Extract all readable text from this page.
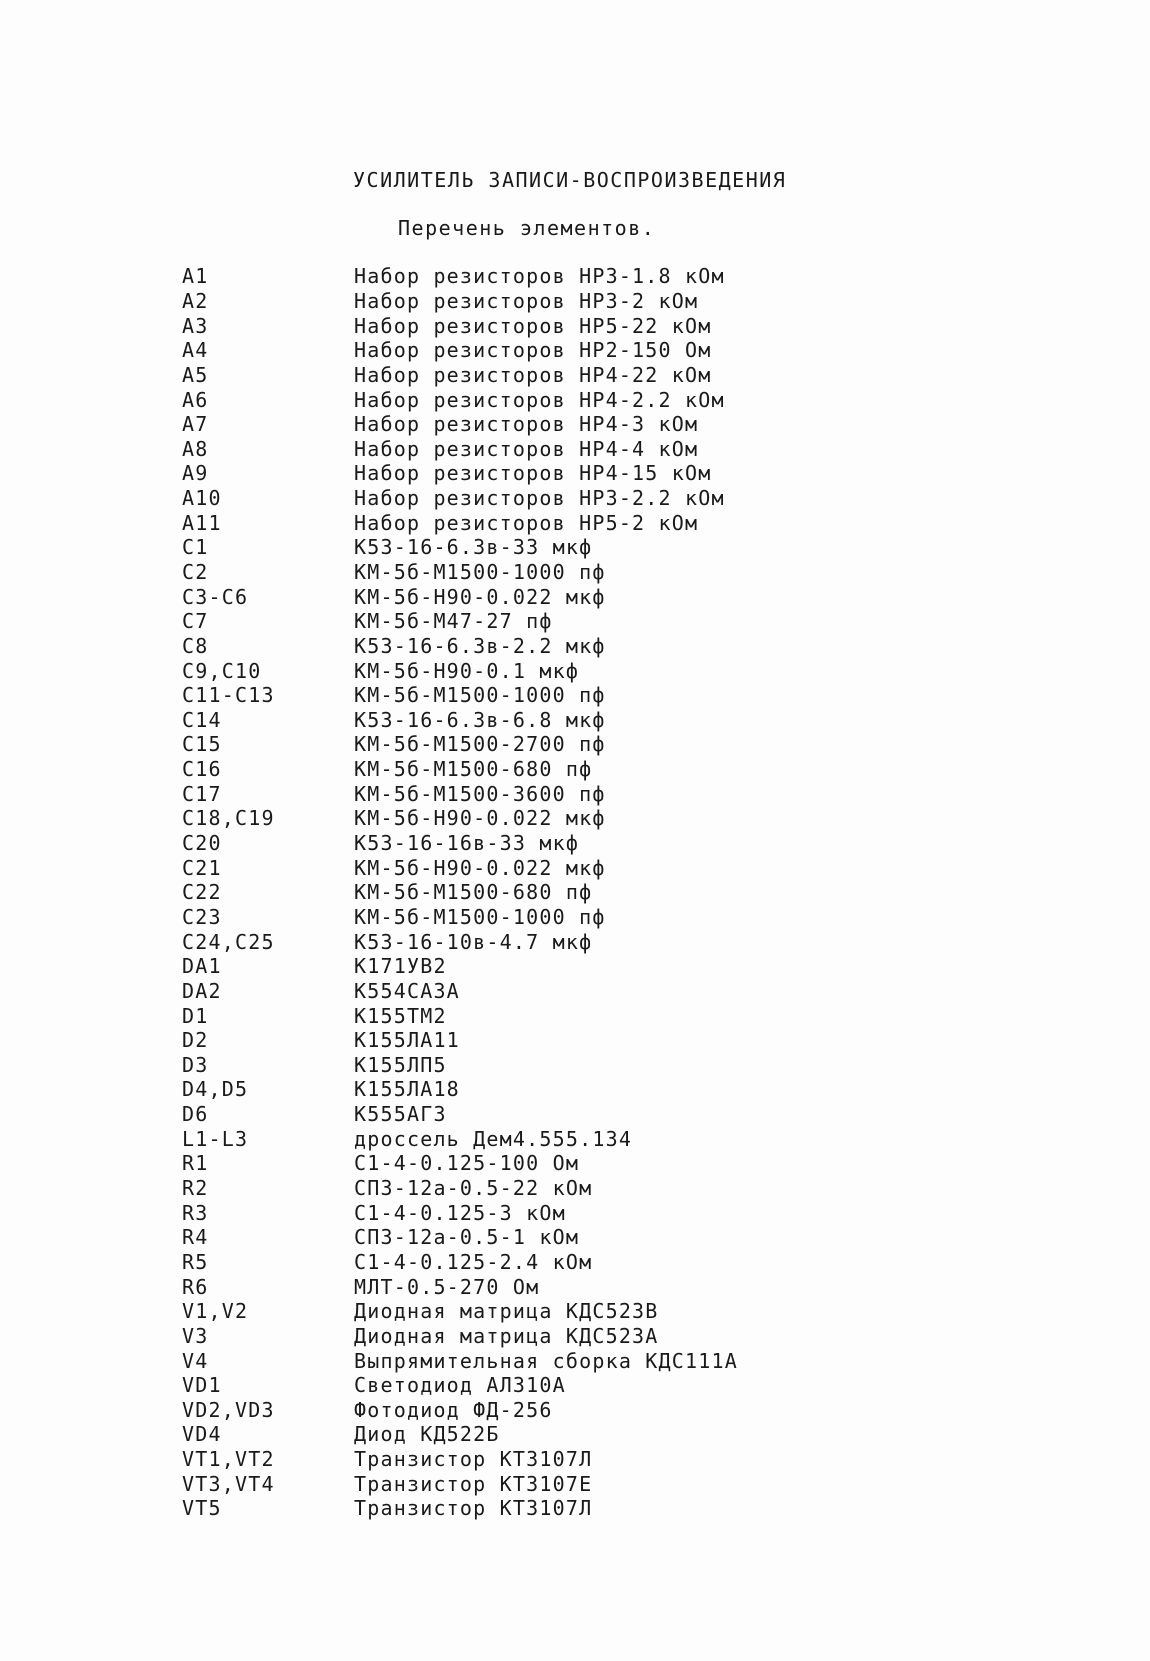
УСИЛИТЕЛЬ ЗАПИСИ-ВОСПРОИЗВЕДЕНИЯ
Перечень элементов.
A1	Набор резисторов НР3-1.8 кОм
A2	Набор резисторов НР3-2 кОм
A3	Набор резисторов НР5-22 кОм
A4	Набор резисторов НР2-150 Ом
A5	Набор резисторов НР4-22 кОм
A6	Набор резисторов НР4-2.2 кОм
A7	Набор резисторов НР4-3 кОм
A8	Набор резисторов НР4-4 кОм
A9	Набор резисторов НР4-15 кОм
A10	Набор резисторов НР3-2.2 кОм
A11	Набор резисторов НР5-2 кОм
C1	К53-16-6.3в-33 мкф
C2	КМ-5б-М1500-1000 пф
C3-C6	КМ-5б-Н90-0.022 мкф
C7	КМ-5б-М47-27 пф
C8	К53-16-6.3в-2.2 мкф
C9,C10	КМ-5б-Н90-0.1 мкф
C11-C13	КМ-5б-М1500-1000 пф
C14	К53-16-6.3в-6.8 мкф
C15	КМ-5б-М1500-2700 пф
C16	КМ-5б-М1500-680 пф
C17	КМ-5б-М1500-3600 пф
C18,C19	КМ-5б-Н90-0.022 мкф
C20	К53-16-16в-33 мкф
C21	КМ-5б-Н90-0.022 мкф
C22	КМ-5б-М1500-680 пф
C23	КМ-5б-М1500-1000 пф
C24,C25	К53-16-10в-4.7 мкф
DA1	К171УВ2
DA2	К554СА3А
D1	К155ТМ2
D2	К155ЛА11
D3	К155ЛП5
D4,D5	К155ЛА18
D6	К555АГ3
L1-L3	дроссель Дем4.555.134
R1	С1-4-0.125-100 Ом
R2	СП3-12а-0.5-22 кОм
R3	С1-4-0.125-3 кОм
R4	СП3-12а-0.5-1 кОм
R5	С1-4-0.125-2.4 кОм
R6	МЛТ-0.5-270 Ом
V1,V2	Диодная матрица КДС523В
V3	Диодная матрица КДС523А
V4	Выпрямительная сборка КДС111А
VD1	Светодиод АЛ310А
VD2,VD3	Фотодиод ФД-256
VD4	Диод КД522Б
VT1,VT2	Транзистор КТ3107Л
VT3,VT4	Транзистор КТ3107Е
VT5	Транзистор КТ3107Л
